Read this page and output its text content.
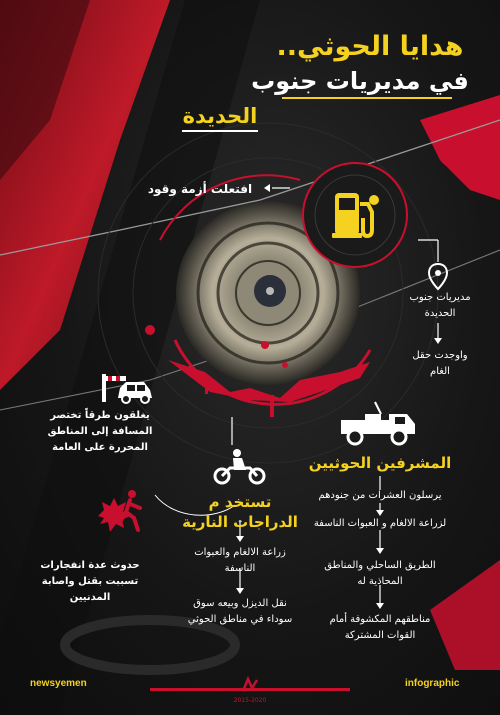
هدايا الحوثي..
في مديريات جنوب
الحديدة
افتعلت أزمة وقود
مديريات جنوب الحديدة
واوجدت حقل الغام
يغلقون طرقاً تختصر المسافة إلى المناطق المحررة على العامة
المشرفين الحوثيين
يرسلون العشرات من جنودهم
لزراعة الالغام و العبوات الناسفة
الطريق الساحلي والمناطق المحاذية له
مناطقهم المكشوفة أمام القوات المشتركة
تستخد م الدراجات النارية
زراعة الالغام والعبوات الناسفة
نقل الديزل وبيعه سوق سوداء في مناطق الحوثي
حدوث عدة انفجارات تسببت بقتل واصابة المدنيين
newsyemen	infographic
2015-2020
